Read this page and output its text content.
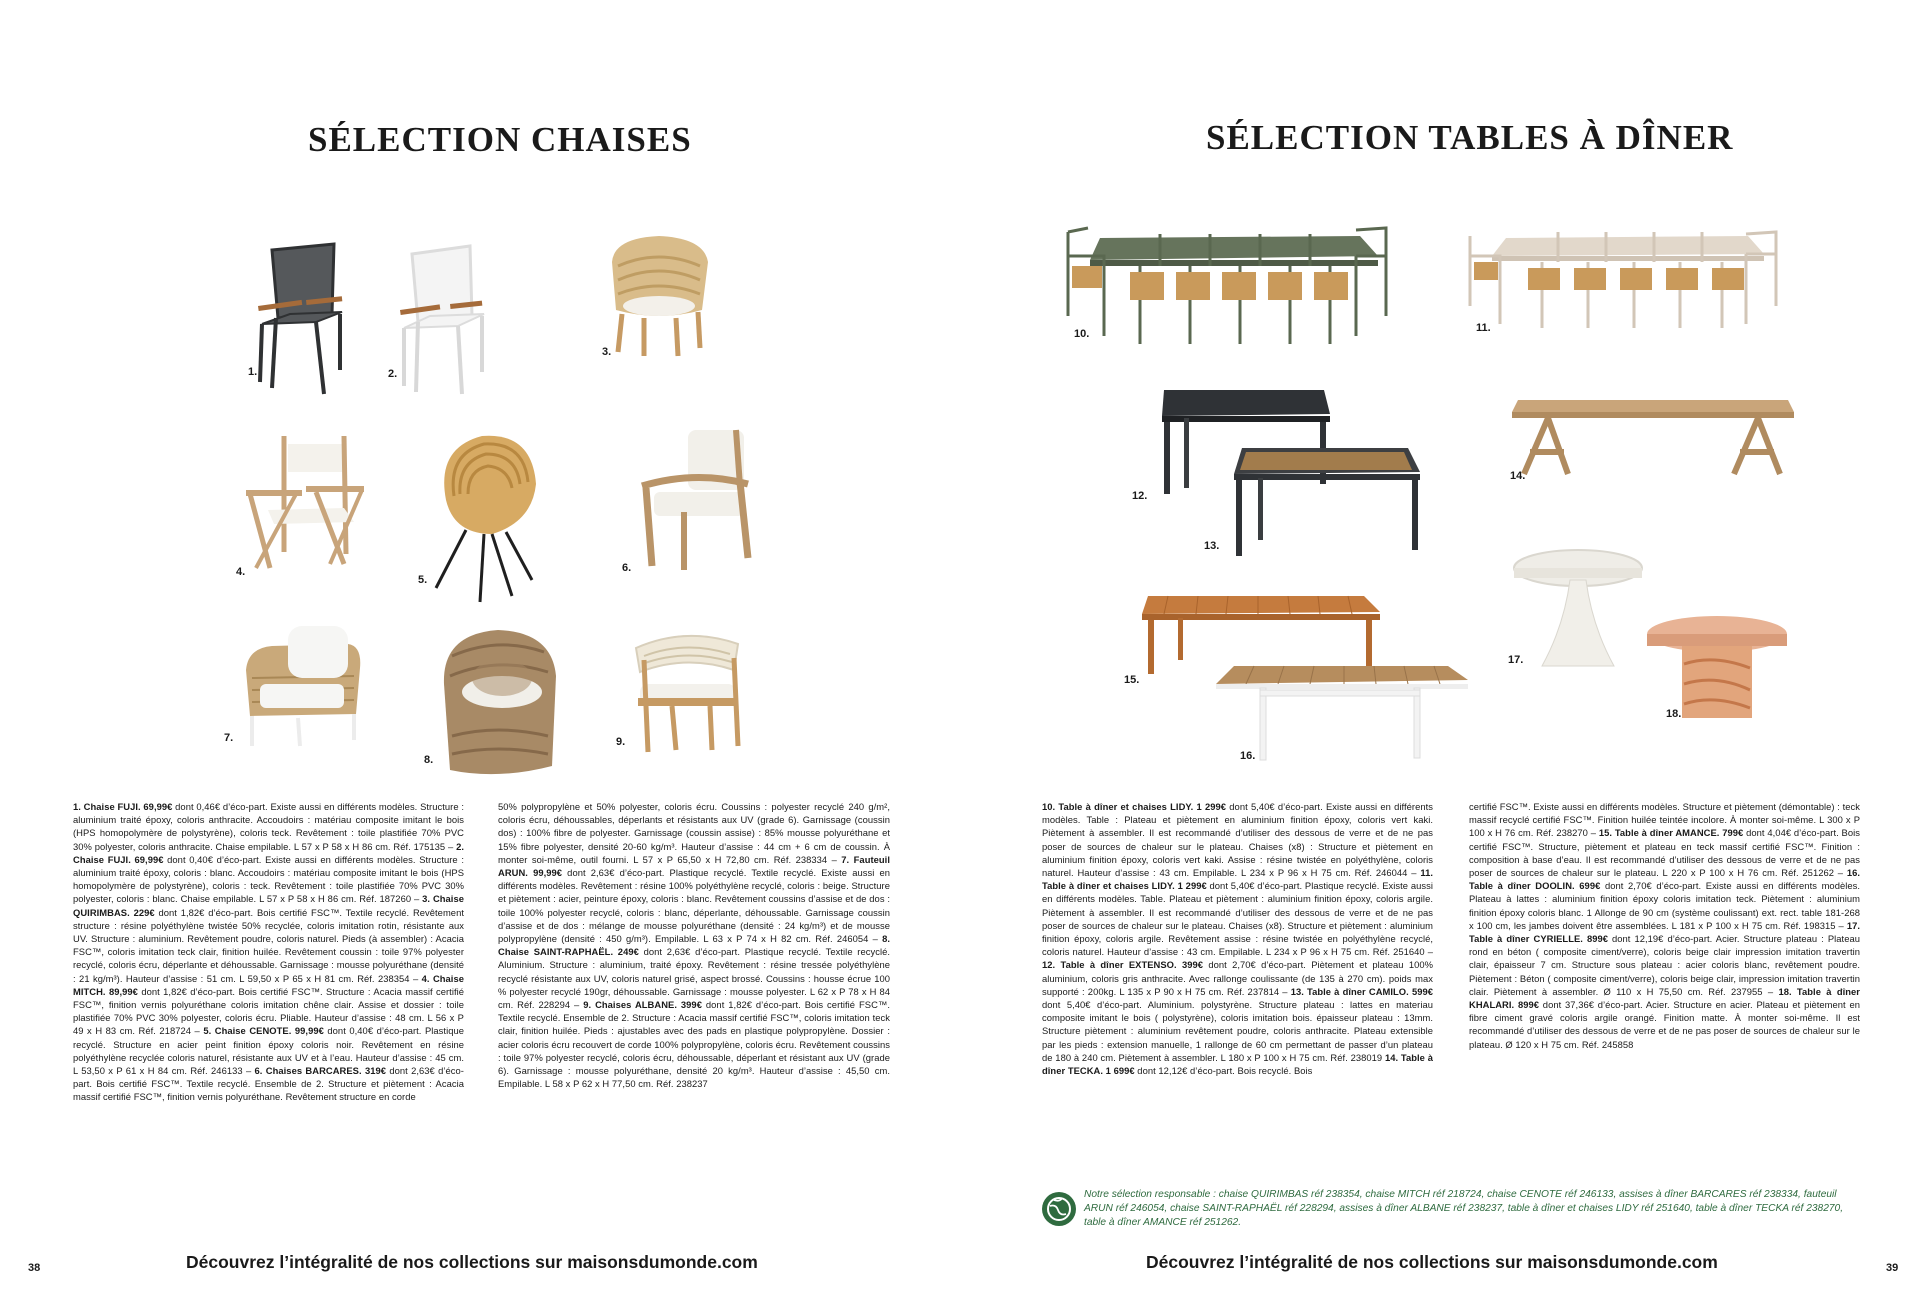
SÉLECTION CHAISES
1.	2.
3.
4.
5.
6.
7.
8.
9.
1. Chaise FUJI. 69,99€ dont 0,46€ d’éco-part. Existe aussi en différents modèles. Structure : aluminium traité époxy, coloris anthracite. Accoudoirs : matériau composite imitant le bois (HPS homopolymère de polystyrène), coloris teck. Revêtement : toile plastifiée 70% PVC 30% polyester, coloris anthracite. Chaise empilable. L 57 x P 58 x H 86 cm. Réf. 175135 – 2. Chaise FUJI. 69,99€ dont 0,40€ d’éco-part. Existe aussi en différents modèles. Structure : aluminium traité époxy, coloris : blanc. Accoudoirs : matériau composite imitant le bois (HPS homopolymère de polystyrène), coloris : teck. Revêtement : toile plastifiée 70% PVC 30% polyester, coloris : blanc. Chaise empilable. L 57 x P 58 x H 86 cm. Réf. 187260 – 3. Chaise QUIRIMBAS. 229€ dont 1,82€ d’éco-part. Bois certifié FSC™. Textile recyclé. Revêtement structure : résine polyéthylène twistée 50% recyclée, coloris imitation rotin, résistante aux UV. Structure : aluminium. Revêtement poudre, coloris naturel. Pieds (à assembler) : Acacia FSC™, coloris imitation teck clair, finition huilée. Revêtement coussin : toile 97% polyester recyclé, coloris écru, déperlante et déhoussable. Garnissage : mousse polyuréthane (densité : 21 kg/m³). Hauteur d’assise : 51 cm. L 59,50 x P 65 x H 81 cm. Réf. 238354 – 4. Chaise MITCH. 89,99€ dont 1,82€ d’éco-part. Bois certifié FSC™. Structure : Acacia massif certifié FSC™, finition vernis polyuréthane coloris imitation chêne clair. Assise et dossier : toile plastifiée 70% PVC 30% polyester, coloris écru. Pliable. Hauteur d’assise : 48 cm. L 56 x P 49 x H 83 cm. Réf. 218724 – 5. Chaise CENOTE. 99,99€ dont 0,40€ d’éco-part. Plastique recyclé. Structure en acier peint finition époxy coloris noir. Revêtement en résine polyéthylène recyclée coloris naturel, résistante aux UV et à l’eau. Hauteur d’assise : 45 cm. L 53,50 x P 61 x H 84 cm. Réf. 246133 – 6. Chaises BARCARES. 319€ dont 2,63€ d’éco-part. Bois certifié FSC™. Textile recyclé. Ensemble de 2. Structure et piètement : Acacia massif certifié FSC™, finition vernis polyuréthane. Revêtement structure en corde
50% polypropylène et 50% polyester, coloris écru. Coussins : polyester recyclé 240 g/m², coloris écru, déhoussables, déperlants et résistants aux UV (grade 6). Garnissage (coussin dos) : 100% fibre de polyester. Garnissage (coussin assise) : 85% mousse polyuréthane et 15% fibre polyester, densité 20-60 kg/m³. Hauteur d’assise : 44 cm + 6 cm de coussin. À monter soi-même, outil fourni. L 57 x P 65,50 x H 72,80 cm. Réf. 238334 – 7. Fauteuil ARUN. 99,99€ dont 2,63€ d’éco-part. Plastique recyclé. Textile recyclé. Existe aussi en différents modèles. Revêtement : résine 100% polyéthylène recyclé, coloris : beige. Structure et piètement : acier, peinture époxy, coloris : blanc. Revêtement coussins d’assise et de dos : toile 100% polyester recyclé, coloris : blanc, déperlante, déhoussable. Garnissage coussin d’assise et de dos : mélange de mousse polyuréthane (densité : 24 kg/m³) et de mousse polypropylène (densité : 450 g/m³). Empilable. L 63 x P 74 x H 82 cm. Réf. 246054 – 8. Chaise SAINT-RAPHAËL. 249€ dont 2,63€ d’éco-part. Plastique recyclé. Textile recyclé. Aluminium. Structure : aluminium, traité époxy. Revêtement : résine tressée polyéthylène recyclé résistante aux UV, coloris naturel grisé, aspect brossé. Coussins : housse écrue 100 % polyester recyclé 190gr, déhoussable. Garnissage : mousse polyester. L 62 x P 78 x H 84 cm. Réf. 228294 – 9. Chaises ALBANE. 399€ dont 1,82€ d’éco-part. Bois certifié FSC™. Textile recyclé. Ensemble de 2. Structure : Acacia massif certifié FSC™, coloris imitation teck clair, finition huilée. Pieds : ajustables avec des pads en plastique polypropylène. Dossier : acier coloris écru recouvert de corde 100% polypropylène, coloris écru. Revêtement coussins : toile 97% polyester recyclé, coloris écru, déhoussable, déperlant et résistant aux UV (grade 6). Garnissage : mousse polyuréthane, densité 20 kg/m³. Hauteur d’assise : 45,50 cm. Empilable. L 58 x P 62 x H 77,50 cm. Réf. 238237
38	Découvrez l’intégralité de nos collections sur maisonsdumonde.com
SÉLECTION TABLES À DÎNER
10.	11.
12.
13.
14.
15.
16.
17.
18.
10. Table à dîner et chaises LIDY. 1 299€ dont 5,40€ d’éco-part. Existe aussi en différents modèles. Table : Plateau et piètement en aluminium finition époxy, coloris vert kaki. Piètement à assembler. Il est recommandé d’utiliser des dessous de verre et de ne pas poser de sources de chaleur sur le plateau. Chaises (x8) : Structure et piètement en aluminium finition époxy, coloris vert kaki. Assise : résine twistée en polyéthylène, coloris naturel. Hauteur d’assise : 43 cm. Empilable. L 234 x P 96 x H 75 cm. Réf. 246044 – 11. Table à dîner et chaises LIDY. 1 299€ dont 5,40€ d’éco-part. Plastique recyclé. Existe aussi en différents modèles. Table. Plateau et piètement : aluminium finition époxy, coloris argile. Piètement à assembler. Il est recommandé d’utiliser des dessous de verre et de ne pas poser de sources de chaleur sur le plateau. Chaises (x8). Structure et piètement : aluminium finition époxy, coloris argile. Revêtement assise : résine twistée en polyéthylène recyclé, coloris naturel. Hauteur d’assise : 43 cm. Empilable. L 234 x P 96 x H 75 cm. Réf. 251640 – 12. Table à dîner EXTENSO. 399€ dont 2,70€ d’éco-part. Piètement et plateau 100% aluminium, coloris gris anthracite. Avec rallonge coulissante (de 135 à 270 cm). poids max supporté : 200kg. L 135 x P 90 x H 75 cm. Réf. 237814 – 13. Table à dîner CAMILO. 599€ dont 5,40€ d’éco-part. Aluminium. polystyrène. Structure plateau : lattes en materiau composite imitant le bois ( polystyrène), coloris imitation bois. épaisseur plateau : 13mm. Structure piètement : aluminium revêtement poudre, coloris anthracite. Plateau extensible par les pieds : extension manuelle, 1 rallonge de 60 cm permettant de passer d’un plateau de 180 à 240 cm. Piètement à assembler. L 180 x P 100 x H 75 cm. Réf. 238019 14. Table à dîner TECKA. 1 699€ dont 12,12€ d’éco-part. Bois recyclé. Bois
certifié FSC™. Existe aussi en différents modèles. Structure et piètement (démontable) : teck massif recyclé certifié FSC™. Finition huilée teintée incolore. À monter soi-même. L 300 x P 100 x H 76 cm. Réf. 238270 – 15. Table à dîner AMANCE. 799€ dont 4,04€ d’éco-part. Bois certifié FSC™. Structure, piètement et plateau en teck massif certifié FSC™. Finition : composition à base d’eau. Il est recommandé d’utiliser des dessous de verre et de ne pas poser de sources de chaleur sur le plateau. L 220 x P 100 x H 76 cm. Réf. 251262 – 16. Table à dîner DOOLIN. 699€ dont 2,70€ d’éco-part. Existe aussi en différents modèles. Plateau à lattes : aluminium finition époxy coloris imitation teck. Piètement : aluminium finition époxy coloris blanc. 1 Allonge de 90 cm (système coulissant) ext. rect. table 181-268 x 100 cm, les jambes doivent être assemblées. L 181 x P 100 x H 75 cm. Réf. 198315 – 17. Table à dîner CYRIELLE. 899€ dont 12,19€ d’éco-part. Acier. Structure plateau : Plateau rond en béton ( composite ciment/verre), coloris beige clair impression imitation travertin clair, épaisseur 7 cm. Structure sous plateau : acier coloris blanc, revêtement poudre. Piètement : Béton ( composite ciment/verre), coloris beige clair, impression imitation travertin clair. Piètement à assembler. Ø 110 x H 75,50 cm. Réf. 237955 – 18. Table à dîner KHALARI. 899€ dont 37,36€ d’éco-part. Acier. Structure en acier. Plateau et piètement en fibre ciment gravé coloris argile orangé. Finition matte. À monter soi-même. Il est recommandé d’utiliser des dessous de verre et de ne pas poser de sources de chaleur sur le plateau. Ø 120 x H 75 cm. Réf. 245858
39
Découvrez l’intégralité de nos collections sur maisonsdumonde.com
Notre sélection responsable : chaise QUIRIMBAS réf 238354, chaise MITCH réf 218724, chaise CENOTE réf 246133, assises à dîner BARCARES réf 238334, fauteuil ARUN réf 246054, chaise SAINT-RAPHAËL réf 228294, assises à dîner ALBANE réf 238237, table à dîner et chaises LIDY réf 251640, table à dîner TECKA réf 238270, table à dîner AMANCE réf 251262.
